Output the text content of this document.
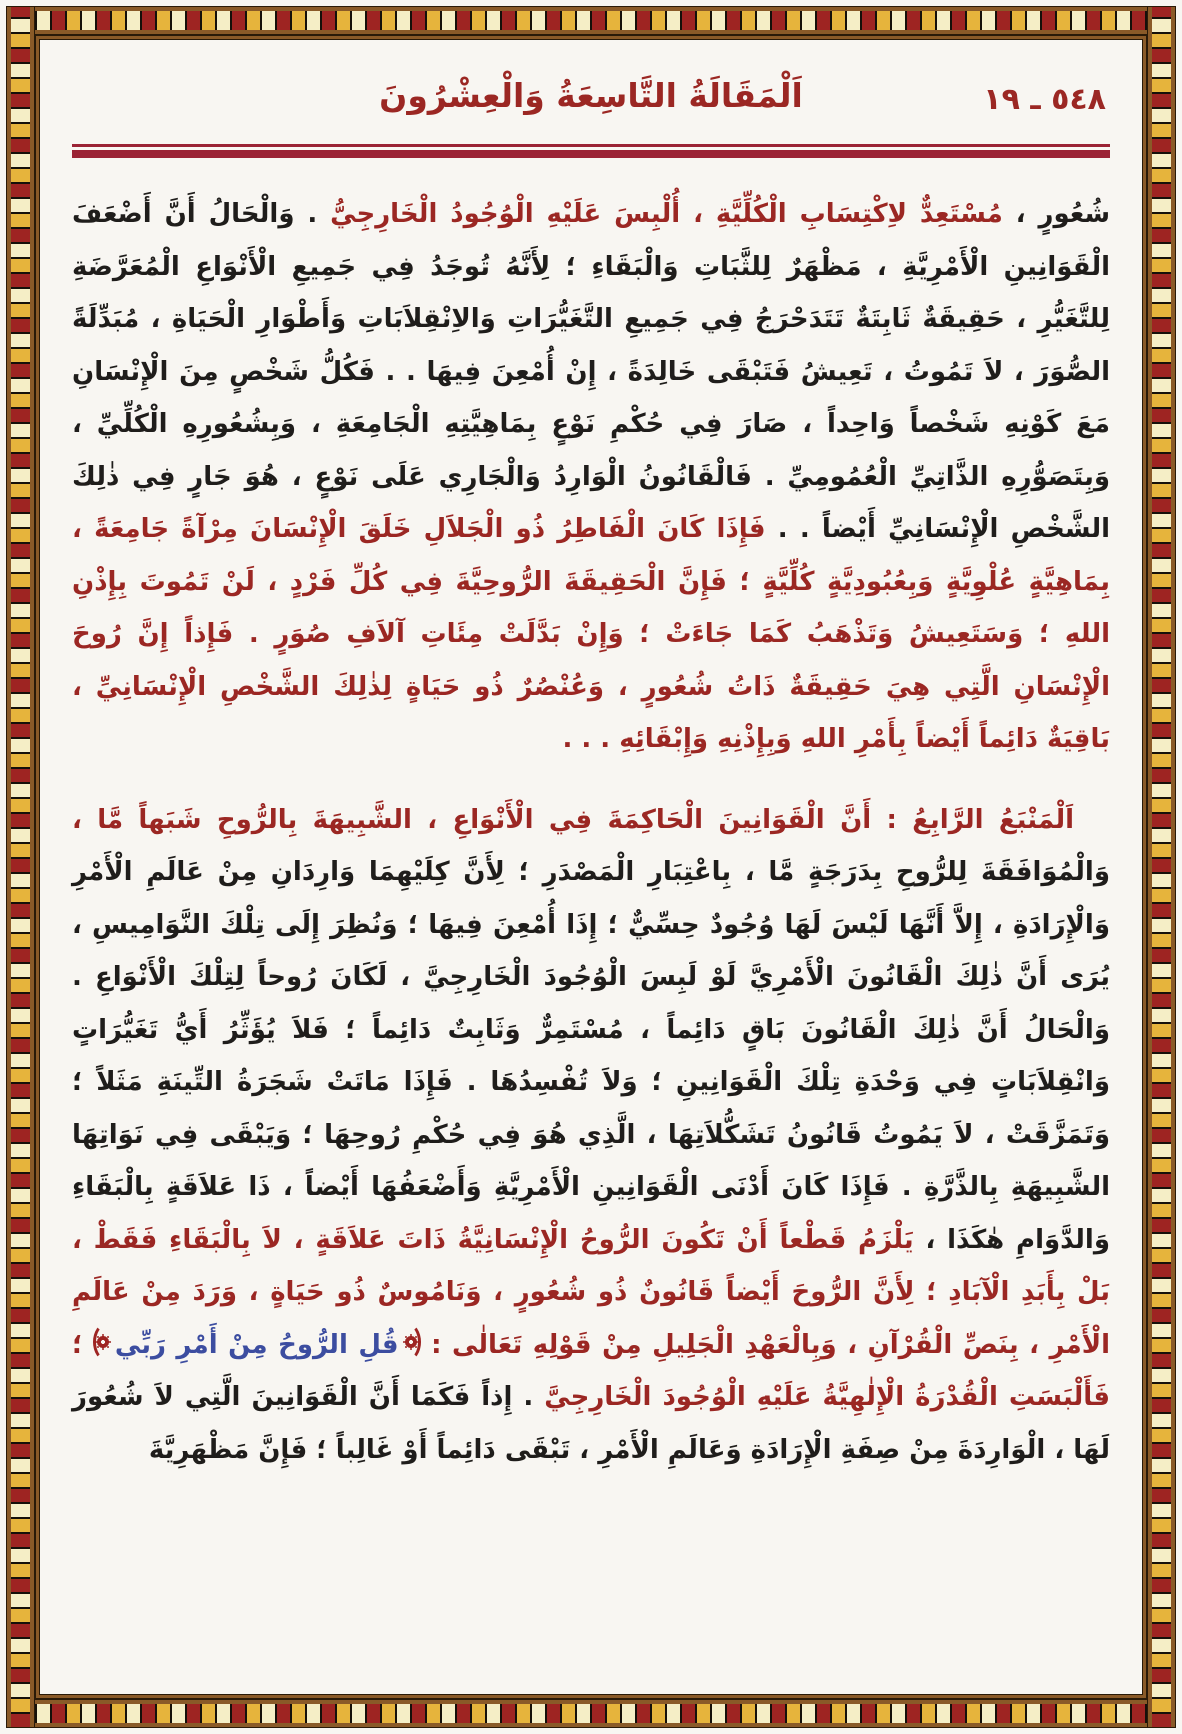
٥٤٨ ـ ١٩
اَلْمَقَالَةُ التَّاسِعَةُ وَالْعِشْرُونَ

شُعُورٍ ، مُسْتَعِدٌّ لاِكْتِسَابِ الْكُلِّيَّةِ ، أُلْبِسَ عَلَيْهِ الْوُجُودُ الْخَارِجِيُّ . وَالْحَالُ أَنَّ أَضْعَفَ الْقَوَانِينِ الْأَمْرِيَّةِ ، مَظْهَرٌ لِلثَّبَاتِ وَالْبَقَاءِ ؛ لِأَنَّهُ تُوجَدُ فِي جَمِيعِ الْأَنْوَاعِ الْمُعَرَّضَةِ لِلتَّغَيُّرِ ، حَقِيقَةٌ ثَابِتَةٌ تَتَدَحْرَجُ فِي جَمِيعِ التَّغَيُّرَاتِ وَالاِنْقِلاَبَاتِ وَأَطْوَارِ الْحَيَاةِ ، مُبَدِّلَةً الصُّوَرَ ، لاَ تَمُوتُ ، تَعِيشُ فَتَبْقَى خَالِدَةً ، إِنْ أُمْعِنَ فِيهَا . . فَكُلُّ شَخْصٍ مِنَ الْإِنْسَانِ مَعَ كَوْنِهِ شَخْصاً وَاحِداً ، صَارَ فِي حُكْمِ نَوْعٍ بِمَاهِيَّتِهِ الْجَامِعَةِ ، وَبِشُعُورِهِ الْكُلِّيِّ ، وَبِتَصَوُّرِهِ الذَّاتِيِّ الْعُمُومِيِّ . فَالْقَانُونُ الْوَارِدُ وَالْجَارِي عَلَى نَوْعٍ ، هُوَ جَارٍ فِي ذٰلِكَ الشَّخْصِ الْإِنْسَانِيِّ أَيْضاً . . فَإِذَا كَانَ الْفَاطِرُ ذُو الْجَلاَلِ خَلَقَ الْإِنْسَانَ مِرْآةً جَامِعَةً ، بِمَاهِيَّةٍ عُلْوِيَّةٍ وَبِعُبُودِيَّةٍ كُلِّيَّةٍ ؛ فَإِنَّ الْحَقِيقَةَ الرُّوحِيَّةَ فِي كُلِّ فَرْدٍ ، لَنْ تَمُوتَ بِإِذْنِ اللهِ ؛ وَسَتَعِيشُ وَتَذْهَبُ كَمَا جَاءَتْ ؛ وَإِنْ بَدَّلَتْ مِئَاتِ آلاَفِ صُوَرٍ . فَإِذاً إِنَّ رُوحَ الْإِنْسَانِ الَّتِي هِيَ حَقِيقَةٌ ذَاتُ شُعُورٍ ، وَعُنْصُرٌ ذُو حَيَاةٍ لِذٰلِكَ الشَّخْصِ الْإِنْسَانِيِّ ، بَاقِيَةٌ دَائِماً أَيْضاً بِأَمْرِ اللهِ وَبِإِذْنِهِ وَإِبْقَائِهِ . . .

اَلْمَنْبَعُ الرَّابِعُ : أَنَّ الْقَوَانِينَ الْحَاكِمَةَ فِي الْأَنْوَاعِ ، الشَّبِيهَةَ بِالرُّوحِ شَبَهاً مَّا ، وَالْمُوَافَقَةَ لِلرُّوحِ بِدَرَجَةٍ مَّا ، بِاعْتِبَارِ الْمَصْدَرِ ؛ لِأَنَّ كِلَيْهِمَا وَارِدَانِ مِنْ عَالَمِ الْأَمْرِ وَالْإِرَادَةِ ، إِلاَّ أَنَّهَا لَيْسَ لَهَا وُجُودٌ حِسِّيٌّ ؛ إِذَا أُمْعِنَ فِيهَا ؛ وَنُظِرَ إِلَى تِلْكَ النَّوَامِيسِ ، يُرَى أَنَّ ذٰلِكَ الْقَانُونَ الْأَمْرِيَّ لَوْ لَبِسَ الْوُجُودَ الْخَارِجِيَّ ، لَكَانَ رُوحاً لِتِلْكَ الْأَنْوَاعِ . وَالْحَالُ أَنَّ ذٰلِكَ الْقَانُونَ بَاقٍ دَائِماً ، مُسْتَمِرٌّ وَثَابِتٌ دَائِماً ؛ فَلاَ يُؤَثِّرُ أَيُّ تَغَيُّرَاتٍ وَانْقِلاَبَاتٍ فِي وَحْدَةِ تِلْكَ الْقَوَانِينِ ؛ وَلاَ تُفْسِدُهَا . فَإِذَا مَاتَتْ شَجَرَةُ التِّينَةِ مَثَلاً ؛ وَتَمَزَّقَتْ ، لاَ يَمُوتُ قَانُونُ تَشَكُّلاَتِهَا ، الَّذِي هُوَ فِي حُكْمِ رُوحِهَا ؛ وَيَبْقَى فِي نَوَاتِهَا الشَّبِيهَةِ بِالذَّرَّةِ . فَإِذَا كَانَ أَدْنَى الْقَوَانِينِ الْأَمْرِيَّةِ وَأَضْعَفُهَا أَيْضاً ، ذَا عَلاَقَةٍ بِالْبَقَاءِ وَالدَّوَامِ هٰكَذَا ، يَلْزَمُ قَطْعاً أَنْ تَكُونَ الرُّوحُ الْإِنْسَانِيَّةُ ذَاتَ عَلاَقَةٍ ، لاَ بِالْبَقَاءِ فَقَطْ ، بَلْ بِأَبَدِ الْآبَادِ ؛ لِأَنَّ الرُّوحَ أَيْضاً قَانُونٌ ذُو شُعُورٍ ، وَنَامُوسٌ ذُو حَيَاةٍ ، وَرَدَ مِنْ عَالَمِ الْأَمْرِ ، بِنَصِّ الْقُرْآنِ ، وَبِالْعَهْدِ الْجَلِيلِ مِنْ قَوْلِهِ تَعَالٰى :
قُلِ الرُّوحُ مِنْ أَمْرِ رَبِّي
؛ فَأَلْبَسَتِ الْقُدْرَةُ الْإِلٰهِيَّةُ عَلَيْهِ الْوُجُودَ الْخَارِجِيَّ . إِذاً فَكَمَا أَنَّ الْقَوَانِينَ الَّتِي لاَ شُعُورَ لَهَا ، الْوَارِدَةَ مِنْ صِفَةِ الْإِرَادَةِ وَعَالَمِ الْأَمْرِ ، تَبْقَى دَائِماً أَوْ غَالِباً ؛ فَإِنَّ مَظْهَرِيَّةَ
